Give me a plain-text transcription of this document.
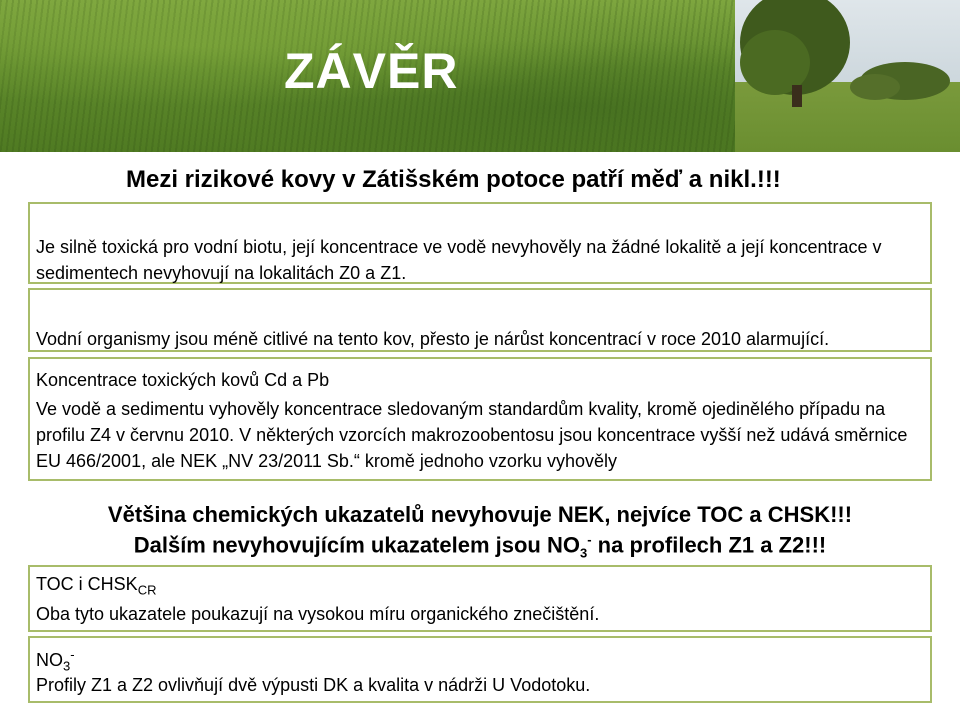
ZÁVĚR
Mezi rizikové kovy v Zátišském potoce patří měď a nikl.!!!
Je silně toxická pro vodní biotu, její koncentrace ve vodě nevyhověly na žádné lokalitě a její koncentrace v sedimentech nevyhovují na lokalitách Z0 a Z1.
Vodní organismy jsou méně citlivé na tento kov, přesto je nárůst koncentrací v roce 2010 alarmující.
Koncentrace toxických kovů Cd a Pb
Ve vodě a sedimentu vyhověly koncentrace sledovaným standardům kvality, kromě ojedinělého případu na profilu Z4 v červnu 2010. V některých vzorcích makrozoobentosu jsou koncentrace vyšší než udává směrnice EU 466/2001, ale NEK „NV 23/2011 Sb.“ kromě jednoho vzorku vyhověly
Většina chemických ukazatelů nevyhovuje NEK, nejvíce TOC a CHSK!!!
Dalším nevyhovujícím ukazatelem jsou $NO_3^-$ na profilech Z1 a Z2!!!
TOC i $CHSK_{CR}$
Oba tyto ukazatele poukazují na vysokou míru organického znečištění.
$NO_3^-$
Profily Z1 a Z2 ovlivňují dvě výpusti DK a kvalita v nádrži U Vodotoku.
